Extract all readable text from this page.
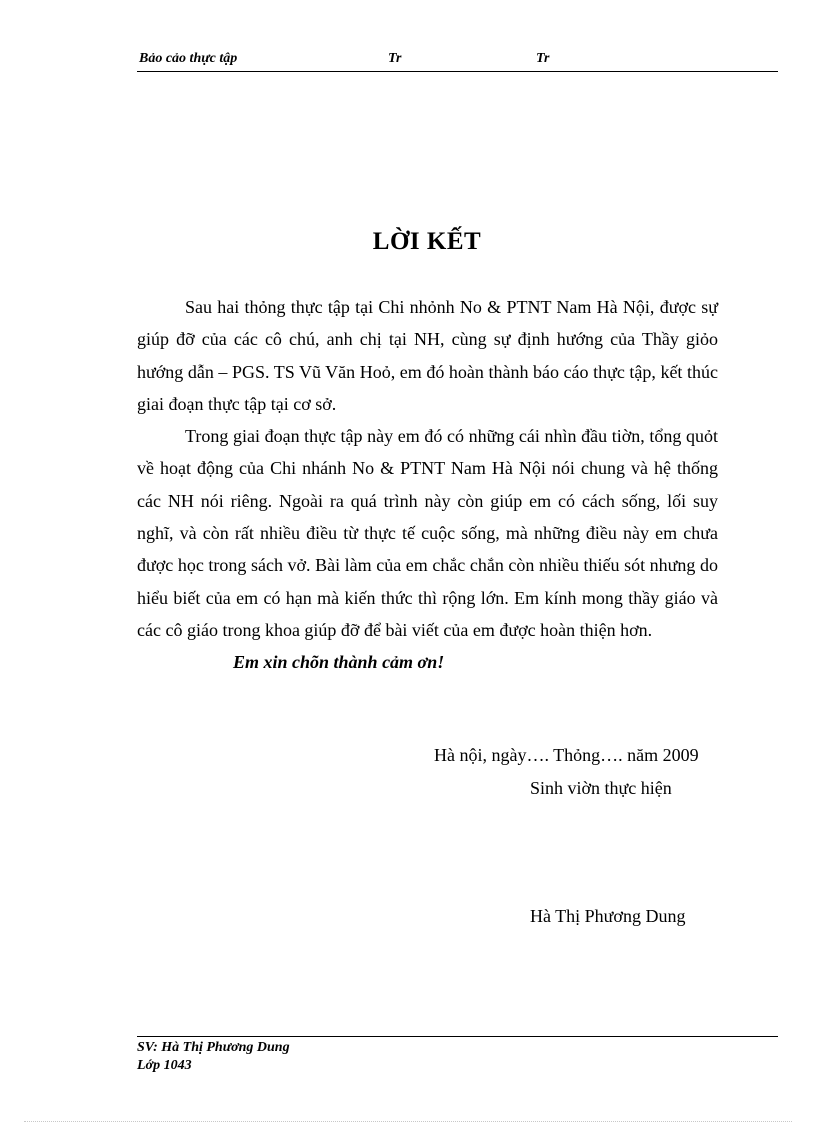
Bảo cảo thực tập	Tr	Tr
LỜI KẾT

Sau hai thỏng thực tập tại Chi nhỏnh No & PTNT Nam Hà Nội, được sự giúp đỡ của các cô chú, anh chị tại NH, cùng sự định hướng của Thầy giỏo hướng dẫn – PGS. TS Vũ Văn Hoỏ, em đó hoàn thành báo cáo thực tập, kết thúc giai đoạn thực tập tại cơ sở.

Trong giai đoạn thực tập này em đó có những cái nhìn đầu tiờn, tổng quỏt về hoạt động của Chi nhánh No & PTNT Nam Hà Nội nói chung và hệ thống các NH nói riêng. Ngoài ra quá trình này còn giúp em có cách sống, lối suy nghĩ, và còn rất nhiều điều từ thực tế cuộc sống, mà những điều này em chưa được học trong sách vở. Bài làm của em chắc chắn còn nhiều thiếu sót nhưng do hiểu biết của em có hạn mà kiến thức thì rộng lớn. Em kính mong thầy giáo và các cô giáo trong khoa giúp đỡ để bài viết của em được hoàn thiện hơn.

Em xin chõn thành cảm ơn!

Hà nội, ngày…. Thỏng…. năm 2009
Sinh viờn thực hiện
Hà Thị Phương Dung
SV: Hà Thị Phương Dung
Lớp 1043
